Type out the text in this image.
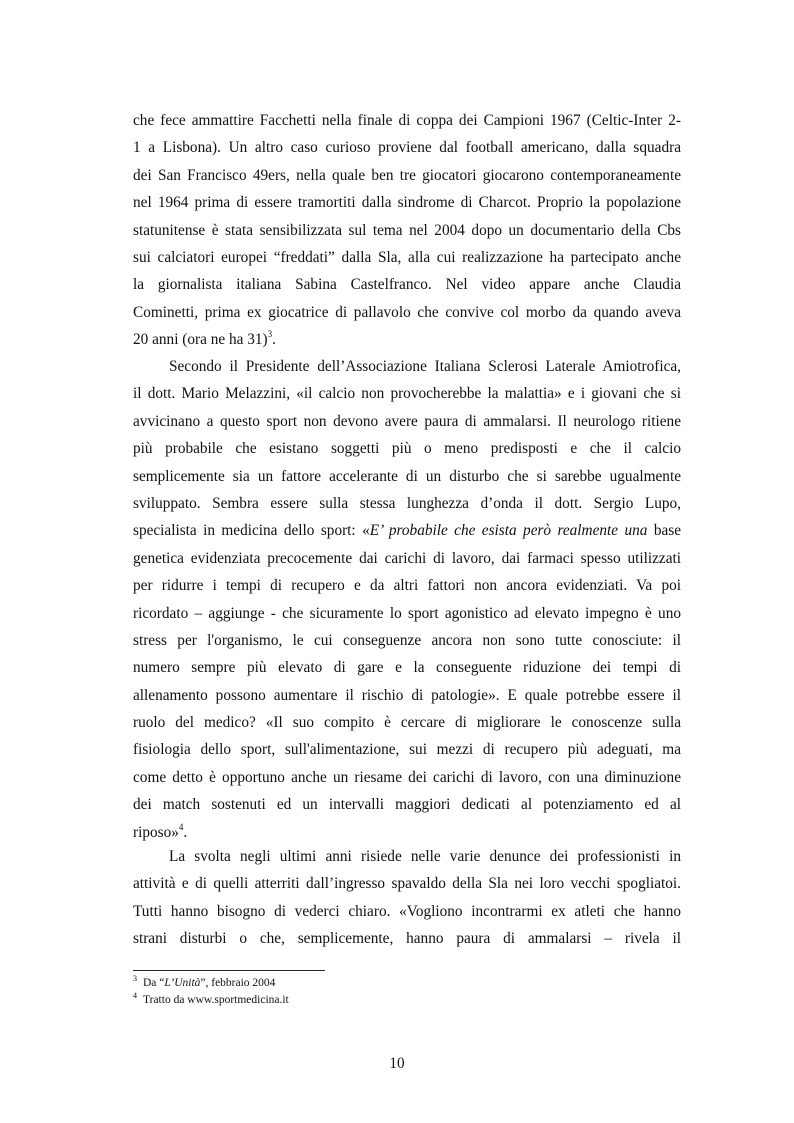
che fece ammattire Facchetti nella finale di coppa dei Campioni 1967 (Celtic-Inter 2-
1 a Lisbona). Un altro caso curioso proviene dal football americano, dalla squadra
dei San Francisco 49ers, nella quale ben tre giocatori giocarono contemporaneamente
nel 1964 prima di essere tramortiti dalla sindrome di Charcot. Proprio la popolazione
statunitense è stata sensibilizzata sul tema nel 2004 dopo un documentario della Cbs
sui calciatori europei “freddati” dalla Sla, alla cui realizzazione ha partecipato anche
la giornalista italiana Sabina Castelfranco. Nel video appare anche Claudia
Cominetti, prima ex giocatrice di pallavolo che convive col morbo da quando aveva
20 anni (ora ne ha 31)$^3$.
Secondo il Presidente dell’Associazione Italiana Sclerosi Laterale Amiotrofica,
il dott. Mario Melazzini, «il calcio non provocherebbe la malattia» e i giovani che si
avvicinano a questo sport non devono avere paura di ammalarsi. Il neurologo ritiene
più probabile che esistano soggetti più o meno predisposti e che il calcio
semplicemente sia un fattore accelerante di un disturbo che si sarebbe ugualmente
sviluppato. Sembra essere sulla stessa lunghezza d’onda il dott. Sergio Lupo,
specialista in medicina dello sport: «E’ probabile che esista però realmente una base
genetica evidenziata precocemente dai carichi di lavoro, dai farmaci spesso utilizzati
per ridurre i tempi di recupero e da altri fattori non ancora evidenziati. Va poi
ricordato – aggiunge - che sicuramente lo sport agonistico ad elevato impegno è uno
stress per l'organismo, le cui conseguenze ancora non sono tutte conosciute: il
numero sempre più elevato di gare e la conseguente riduzione dei tempi di
allenamento possono aumentare il rischio di patologie». E quale potrebbe essere il
ruolo del medico? «Il suo compito è cercare di migliorare le conoscenze sulla
fisiologia dello sport, sull'alimentazione, sui mezzi di recupero più adeguati, ma
come detto è opportuno anche un riesame dei carichi di lavoro, con una diminuzione
dei match sostenuti ed un intervalli maggiori dedicati al potenziamento ed al
riposo»$^4$.
La svolta negli ultimi anni risiede nelle varie denunce dei professionisti in
attività e di quelli atterriti dall’ingresso spavaldo della Sla nei loro vecchi spogliatoi.
Tutti hanno bisogno di vederci chiaro. «Vogliono incontrarmi ex atleti che hanno
strani disturbi o che, semplicemente, hanno paura di ammalarsi – rivela il
$^3$ Da “L’Unità”, febbraio 2004
$^4$ Tratto da www.sportmedicina.it
10
